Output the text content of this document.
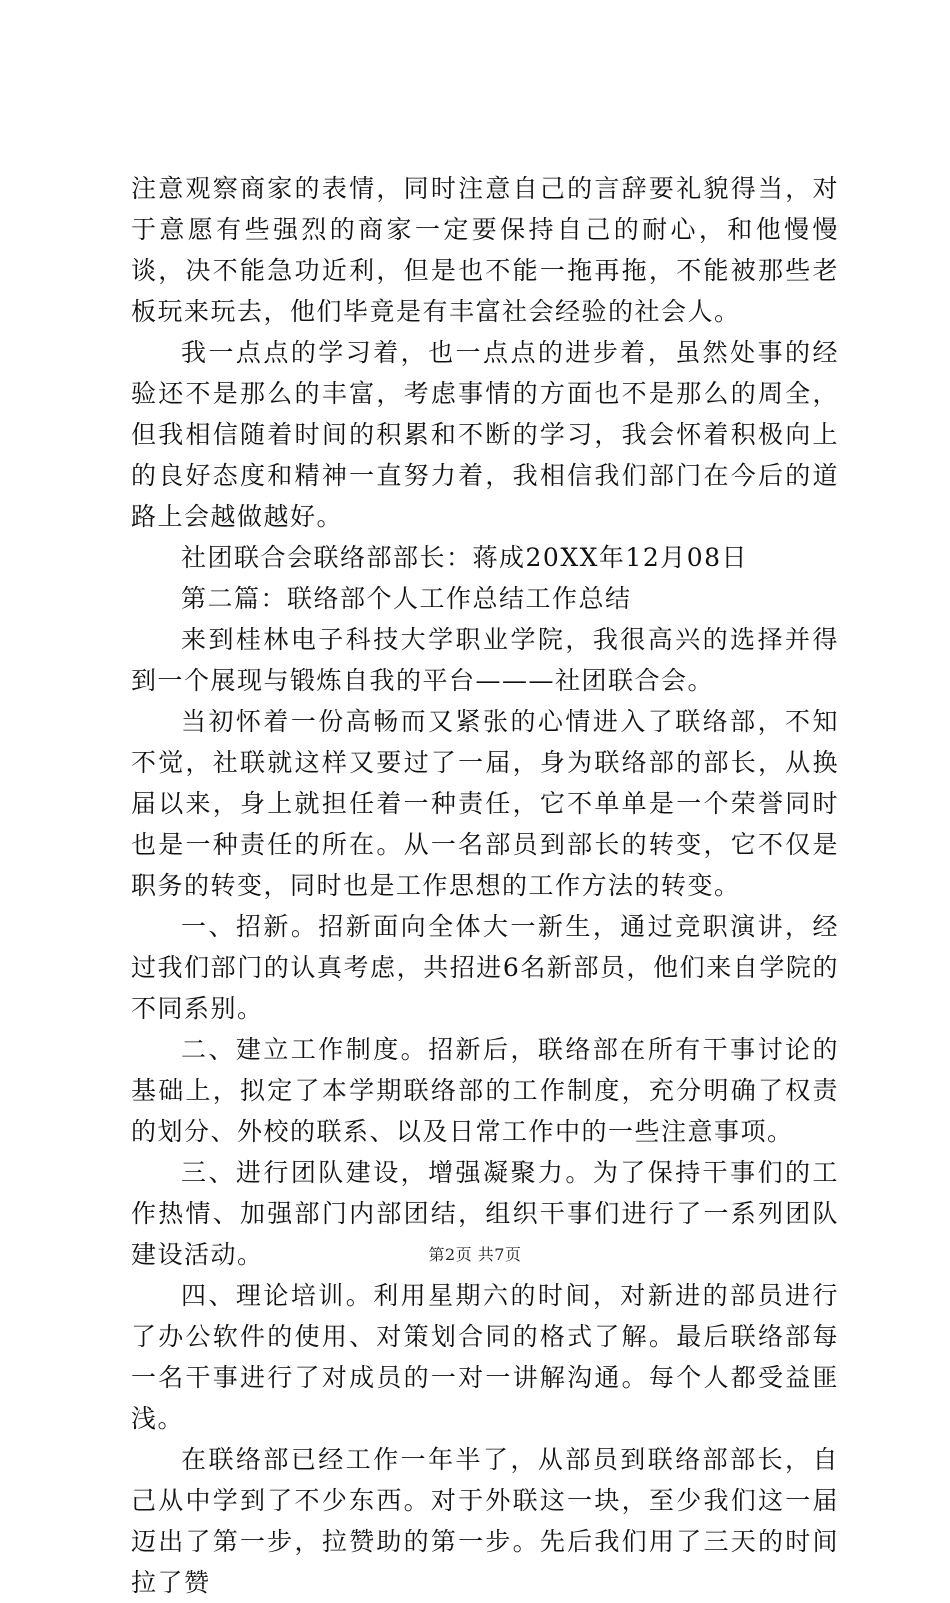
注意观察商家的表情，同时注意自己的言辞要礼貌得当，对于意愿有些强烈的商家一定要保持自己的耐心，和他慢慢谈，决不能急功近利，但是也不能一拖再拖，不能被那些老板玩来玩去，他们毕竟是有丰富社会经验的社会人。

我一点点的学习着，也一点点的进步着，虽然处事的经验还不是那么的丰富，考虑事情的方面也不是那么的周全，但我相信随着时间的积累和不断的学习，我会怀着积极向上的良好态度和精神一直努力着，我相信我们部门在今后的道路上会越做越好。

社团联合会联络部部长：蒋成20XX年12月08日

第二篇：联络部个人工作总结工作总结

来到桂林电子科技大学职业学院，我很高兴的选择并得到一个展现与锻炼自我的平台———社团联合会。

当初怀着一份高畅而又紧张的心情进入了联络部，不知不觉，社联就这样又要过了一届，身为联络部的部长，从换届以来，身上就担任着一种责任，它不单单是一个荣誉同时也是一种责任的所在。从一名部员到部长的转变，它不仅是职务的转变，同时也是工作思想的工作方法的转变。

一、招新。招新面向全体大一新生，通过竞职演讲，经过我们部门的认真考虑，共招进6名新部员，他们来自学院的不同系别。

二、建立工作制度。招新后，联络部在所有干事讨论的基础上，拟定了本学期联络部的工作制度，充分明确了权责的划分、外校的联系、以及日常工作中的一些注意事项。

三、进行团队建设，增强凝聚力。为了保持干事们的工作热情、加强部门内部团结，组织干事们进行了一系列团队建设活动。

四、理论培训。利用星期六的时间，对新进的部员进行了办公软件的使用、对策划合同的格式了解。最后联络部每一名干事进行了对成员的一对一讲解沟通。每个人都受益匪浅。

在联络部已经工作一年半了，从部员到联络部部长，自己从中学到了不少东西。对于外联这一块，至少我们这一届迈出了第一步，拉赞助的第一步。先后我们用了三天的时间拉了赞

第2页 共7页
